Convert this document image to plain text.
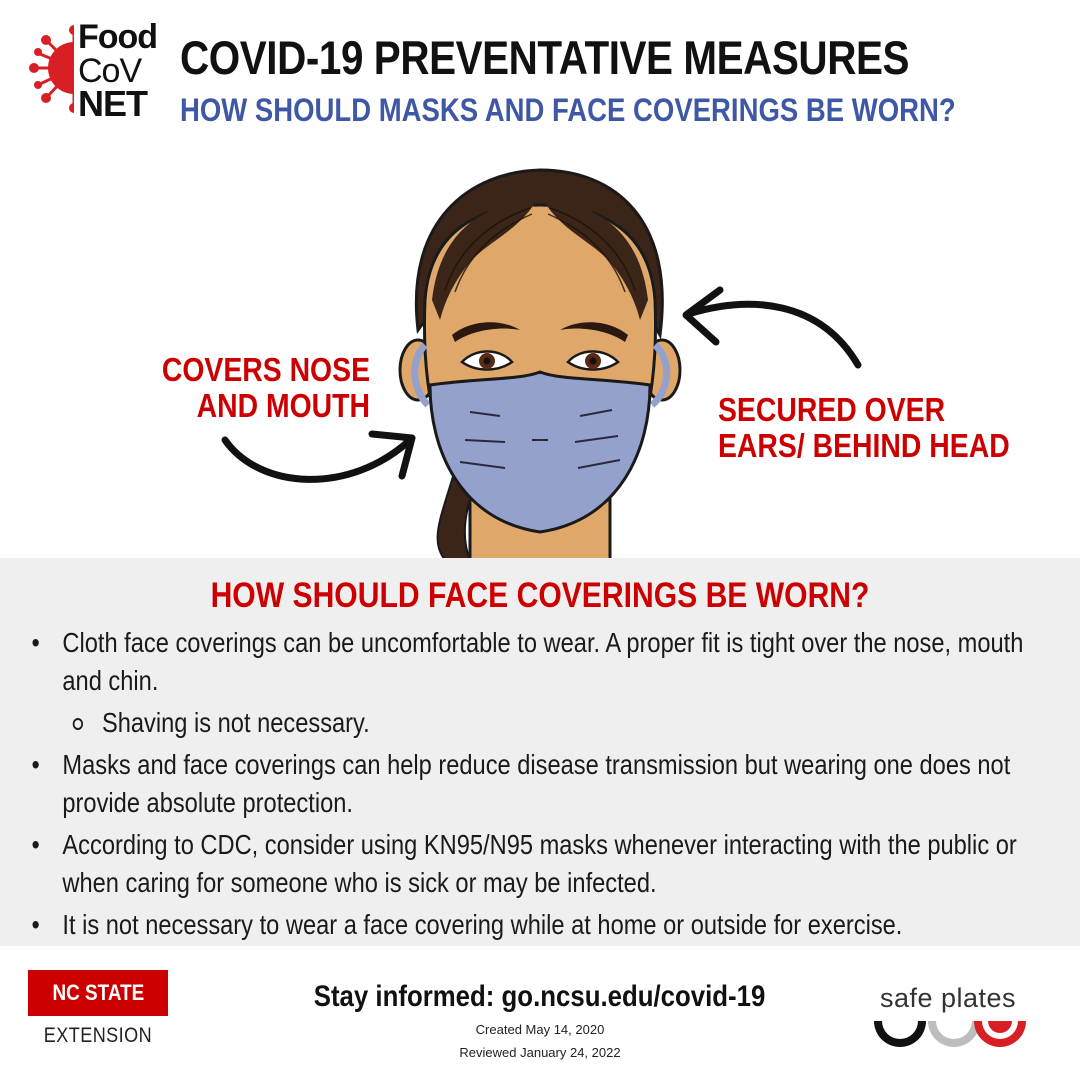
Food
CoV
NET
COVID-19 PREVENTATIVE MEASURES
HOW SHOULD MASKS AND FACE COVERINGS BE WORN?
COVERS NOSE
AND MOUTH	SECURED OVER
EARS/ BEHIND HEAD
HOW SHOULD FACE COVERINGS BE WORN?
• Cloth face coverings can be uncomfortable to wear. A proper fit is tight over the nose, mouth and chin.
Shaving is not necessary.
• Masks and face coverings can help reduce disease transmission but wearing one does not provide absolute protection.
• According to CDC, consider using KN95/N95 masks whenever interacting with the public or when caring for someone who is sick or may be infected.
• It is not necessary to wear a face covering while at home or outside for exercise.
NC STATE
EXTENSION
Stay informed: go.ncsu.edu/covid-19
Created May 14, 2020
Reviewed January 24, 2022
safe plates
